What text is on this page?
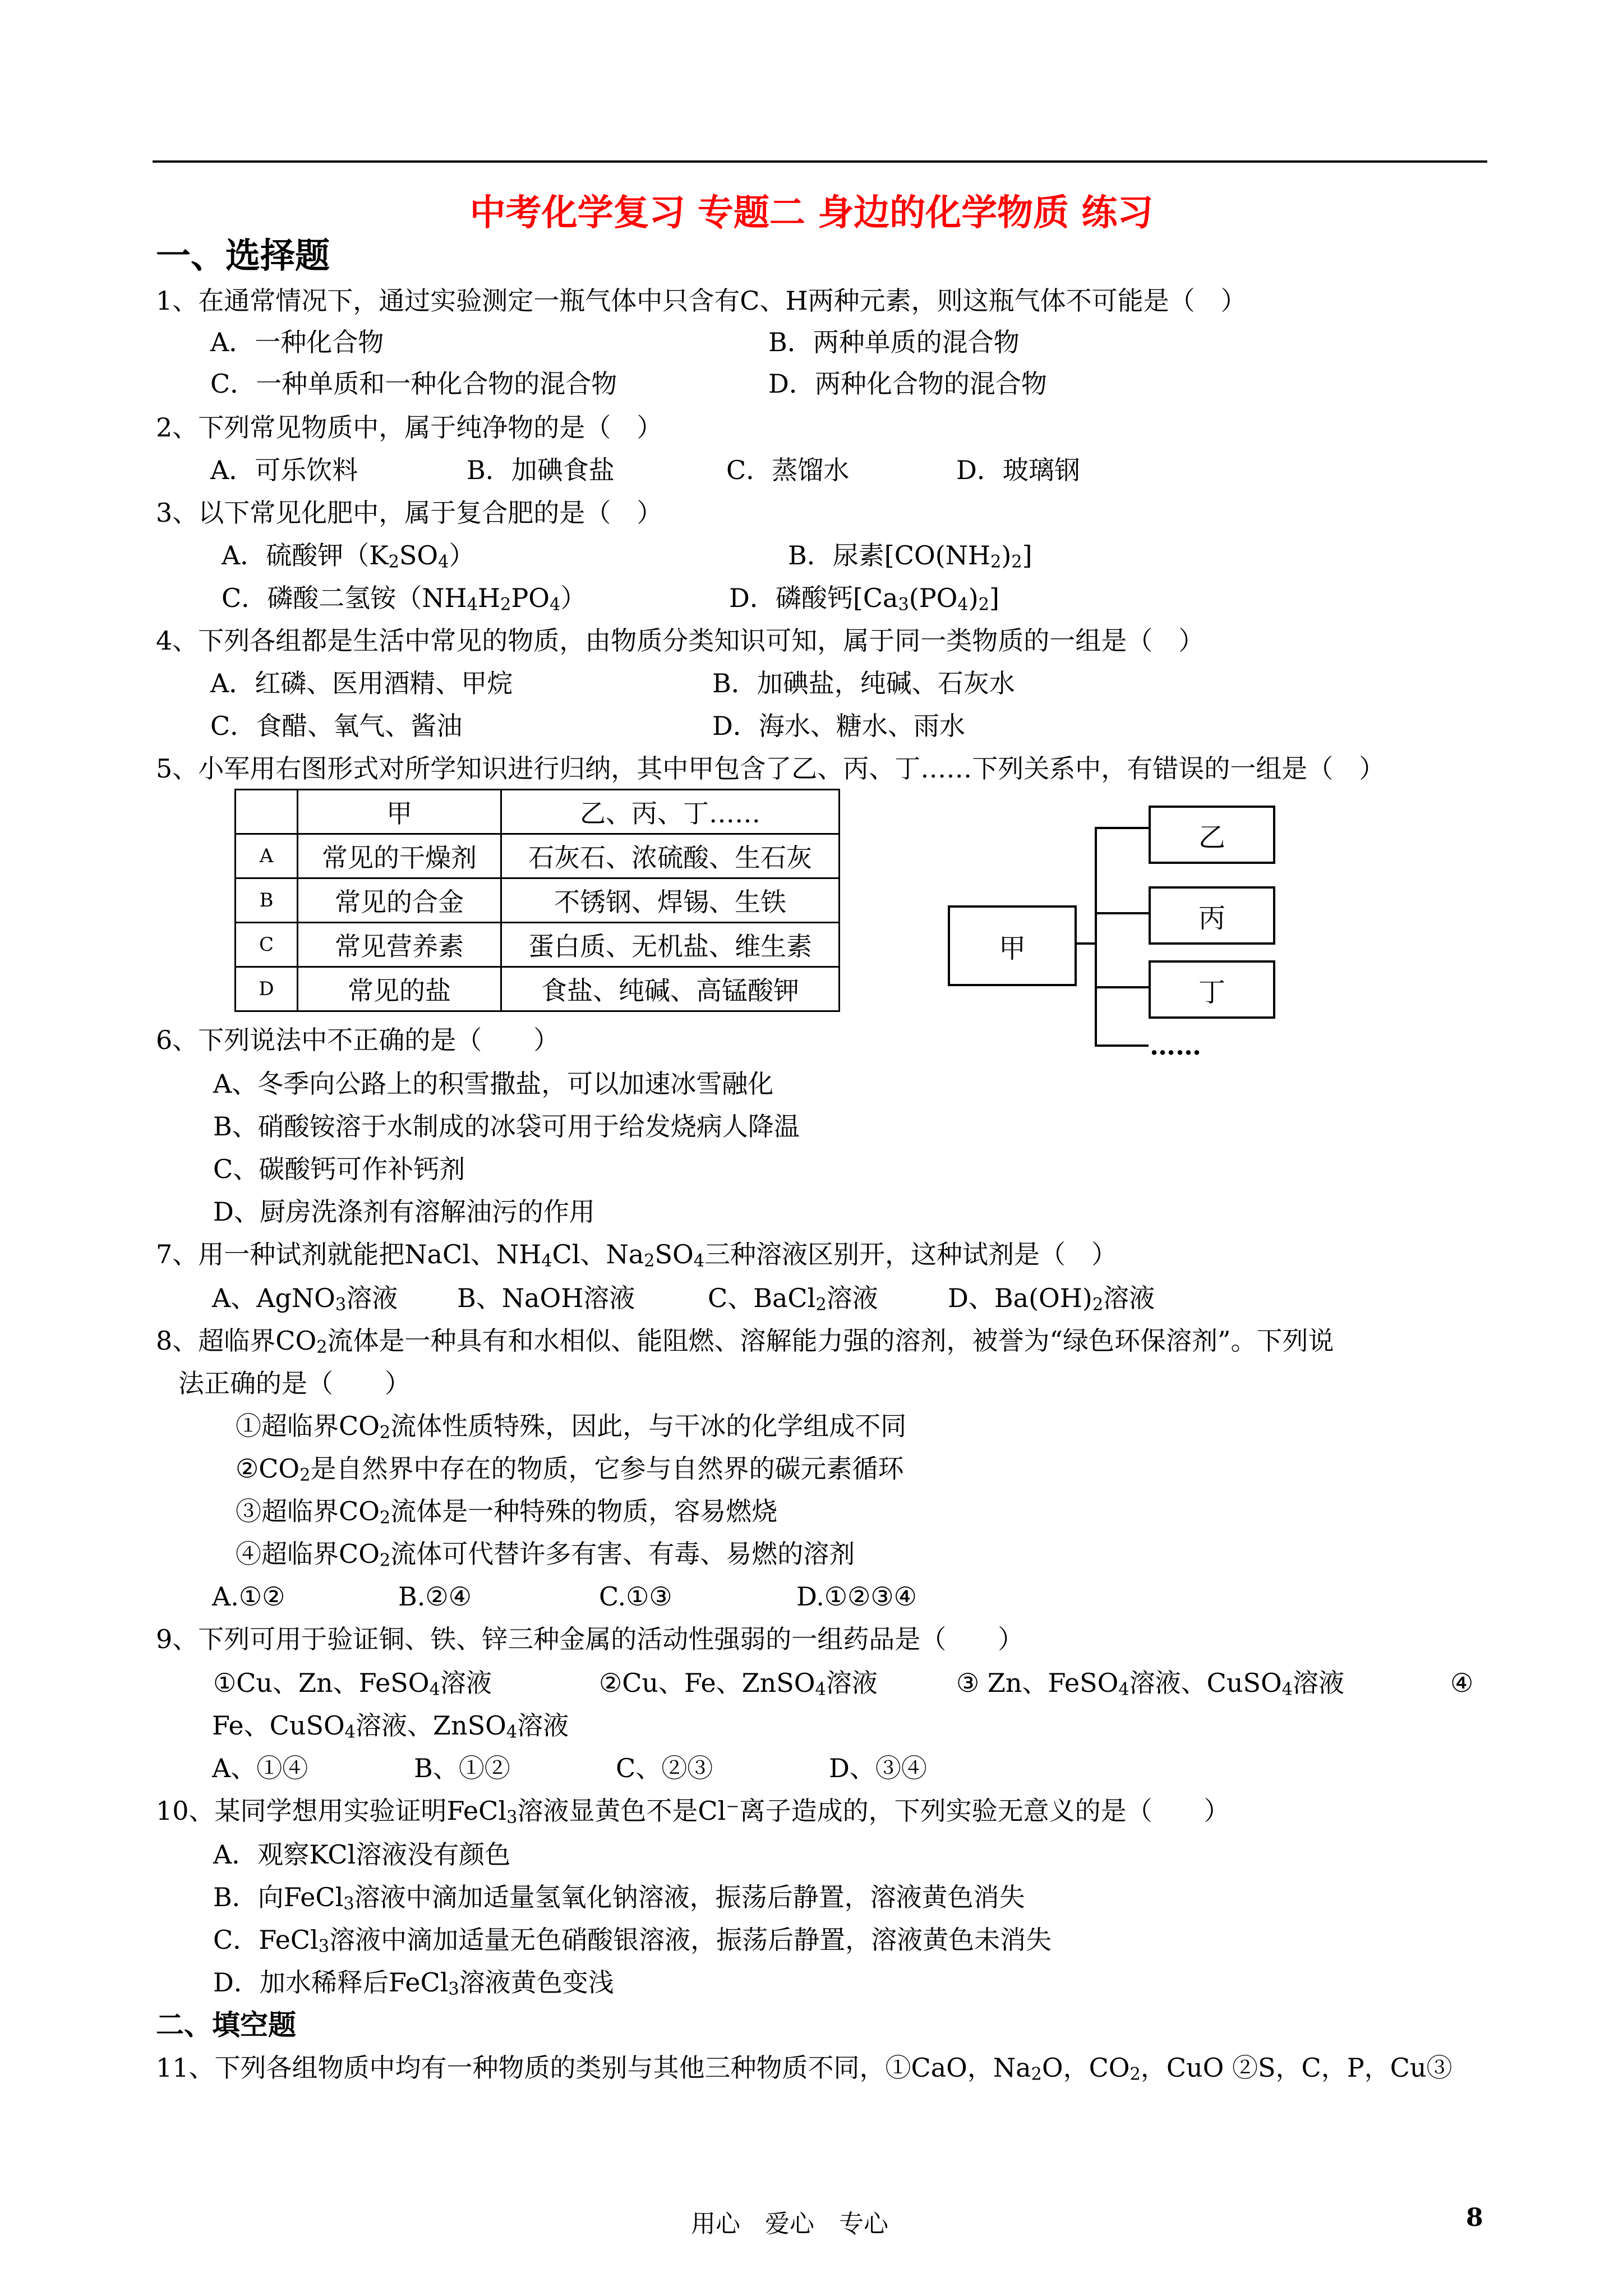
中考化学复习 专题二 身边的化学物质 练习
一、选择题
1、在通常情况下，通过实验测定一瓶气体中只含有C、H两种元素，则这瓶气体不可能是（　）
A．一种化合物	B．两种单质的混合物
C．一种单质和一种化合物的混合物	D．两种化合物的混合物
2、下列常见物质中，属于纯净物的是（　）
A．可乐饮料	B．加碘食盐	C．蒸馏水	D．玻璃钢
3、以下常见化肥中，属于复合肥的是（　）
A．硫酸钾$(K_2SO_4)$	B．尿素$[CO(NH_2)_2]$
C．磷酸二氢铵$(NH_4H_2PO_4)$	D．磷酸钙$[Ca_3(PO_4)_2]$
4、下列各组都是生活中常见的物质，由物质分类知识可知，属于同一类物质的一组是（　）
A．红磷、医用酒精、甲烷	B．加碘盐，纯碱、石灰水
C．食醋、氧气、酱油	D．海水、糖水、雨水
5、小军用右图形式对所学知识进行归纳，其中甲包含了乙、丙、丁……下列关系中，有错误的一组是（　）
	甲	乙、丙、丁……
A	常见的干燥剂	石灰石、浓硫酸、生石灰
B	常见的合金	不锈钢、焊锡、生铁
C	常见营养素	蛋白质、无机盐、维生素
D	常见的盐	食盐、纯碱、高锰酸钾
甲
乙
丙
丁
……
6、下列说法中不正确的是（　　）
A、冬季向公路上的积雪撒盐，可以加速冰雪融化
B、硝酸铵溶于水制成的冰袋可用于给发烧病人降温
C、碳酸钙可作补钙剂
D、厨房洗涤剂有溶解油污的作用
7、用一种试剂就能把NaCl、$NH_4Cl$、$Na_2SO_4$三种溶液区别开，这种试剂是（　）
A、AgNO$_3$溶液 B、NaOH溶液	C、BaCl$_2$溶液	D、$Ba(OH)_2$溶液
8、超临界$CO_2$流体是一种具有和水相似、能阻燃、溶解能力强的溶剂，被誉为“绿色环保溶剂”。下列说
法正确的是（　　）
①超临界$CO_2$流体性质特殊，因此，与干冰的化学组成不同
$②CO_2$是自然界中存在的物质，它参与自然界的碳元素循环
③超临界$CO_2$流体是一种特殊的物质，容易燃烧
④超临界$CO_2$流体可代替许多有害、有毒、易燃的溶剂
A.①②	B.②④	C.①③	D.①②③④
9、下列可用于验证铜、铁、锌三种金属的活动性强弱的一组药品是（　　）
①Cu、Zn、FeSO$_4$溶液	②Cu、Fe、ZnSO$_4$溶液	③ Zn、FeSO$_4$溶液、CuSO$_4$溶液	④
Fe、CuSO$_4$溶液、ZnSO$_4$溶液
A、①④	B、①②	C、②③	D、③④
10、某同学想用实验证明FeCl$_3$溶液显黄色不是Cl⁻离子造成的，下列实验无意义的是（　　）
A．观察KCl溶液没有颜色
B．向FeCl$_3$溶液中滴加适量氢氧化钠溶液，振荡后静置，溶液黄色消失
C．FeCl$_3$溶液中滴加适量无色硝酸银溶液，振荡后静置，溶液黄色未消失
D．加水稀释后FeCl$_3$溶液黄色变浅
二、填空题
11、下列各组物质中均有一种物质的类别与其他三种物质不同，①CaO，$Na_2O$，$CO_2$，CuO ②S，C，P，Cu③
用心　爱心　专心	8
